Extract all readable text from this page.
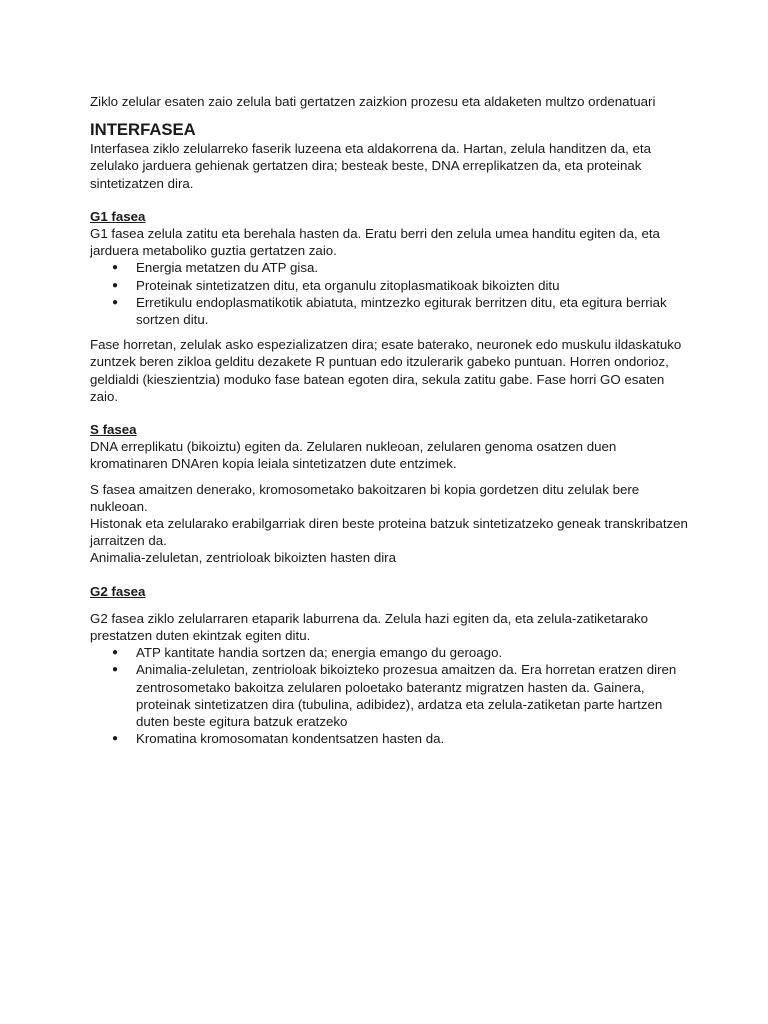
Ziklo zelular esaten zaio zelula bati gertatzen zaizkion prozesu eta aldaketen multzo ordenatuari

INTERFASEA

Interfasea ziklo zelularreko faserik luzeena eta aldakorrena da. Hartan, zelula handitzen da, eta zelulako jarduera gehienak gertatzen dira; besteak beste, DNA erreplikatzen da, eta proteinak sintetizatzen dira.

G1 fasea

G1 fasea zelula zatitu eta berehala hasten da. Eratu berri den zelula umea handitu egiten da, eta jarduera metaboliko guztia gertatzen zaio.

● Energia metatzen du ATP gisa.
● Proteinak sintetizatzen ditu, eta organulu zitoplasmatikoak bikoizten ditu
● Erretikulu endoplasmatikotik abiatuta, mintzezko egiturak berritzen ditu, eta egitura berriak sortzen ditu.

Fase horretan, zelulak asko espezializatzen dira; esate baterako, neuronek edo muskulu ildaskatuko zuntzek beren zikloa gelditu dezakete R puntuan edo itzulerarik gabeko puntuan. Horren ondorioz, geldialdi (kieszientzia) moduko fase batean egoten dira, sekula zatitu gabe. Fase horri GO esaten zaio.

S fasea

DNA erreplikatu (bikoiztu) egiten da. Zelularen nukleoan, zelularen genoma osatzen duen kromatinaren DNAren kopia leiala sintetizatzen dute entzimek.

S fasea amaitzen denerako, kromosometako bakoitzaren bi kopia gordetzen ditu zelulak bere nukleoan.

Histonak eta zelularako erabilgarriak diren beste proteina batzuk sintetizatzeko geneak transkribatzen jarraitzen da.

Animalia-zeluletan, zentrioloak bikoizten hasten dira

G2 fasea

G2 fasea ziklo zelularraren etaparik laburrena da. Zelula hazi egiten da, eta zelula-zatiketarako prestatzen duten ekintzak egiten ditu.

● ATP kantitate handia sortzen da; energia emango du geroago.
● Animalia-zeluletan, zentrioloak bikoizteko prozesua amaitzen da. Era horretan eratzen diren zentrosometako bakoitza zelularen poloetako baterantz migratzen hasten da. Gainera, proteinak sintetizatzen dira (tubulina, adibidez), ardatza eta zelula-zatiketan parte hartzen duten beste egitura batzuk eratzeko
● Kromatina kromosomatan kondentsatzen hasten da.
